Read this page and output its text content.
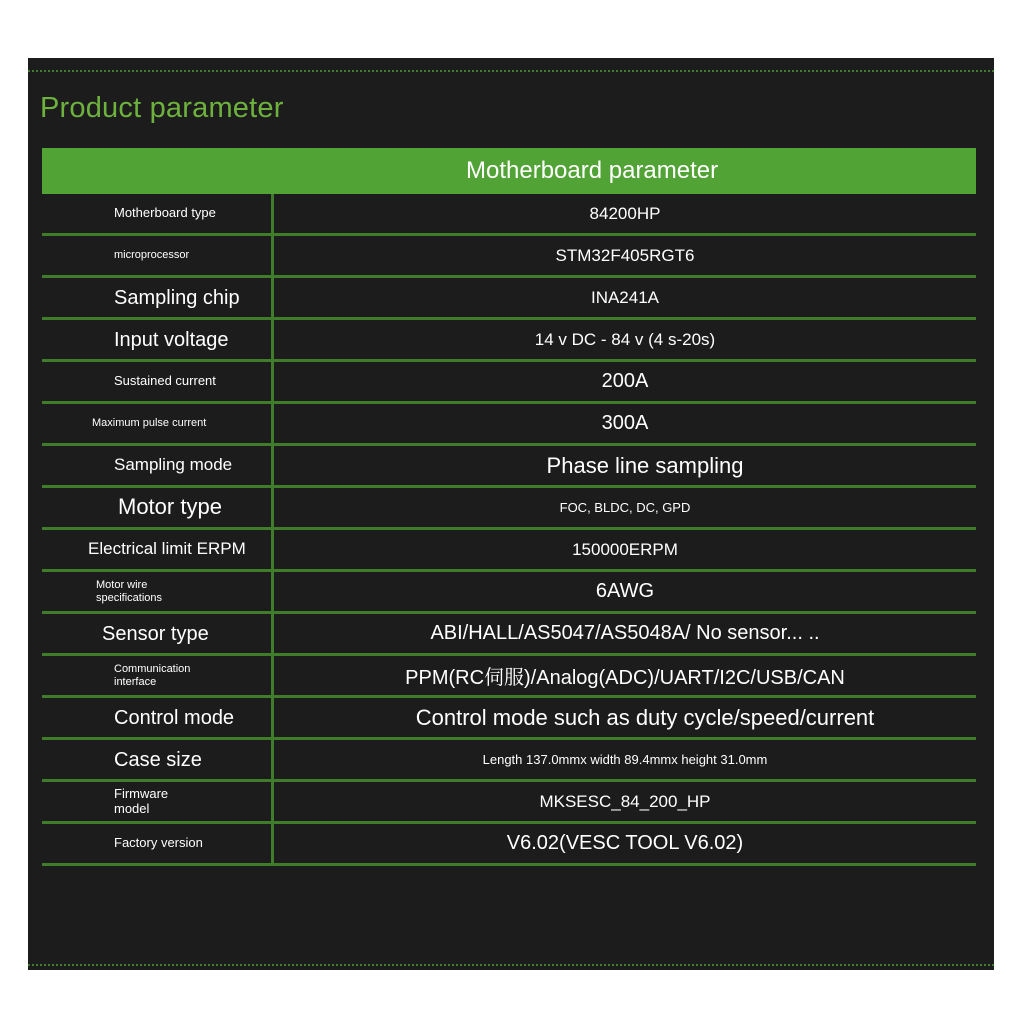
Product parameter
Motherboard parameter
Motherboard type	84200HP
microprocessor	STM32F405RGT6
Sampling chip	INA241A
Input voltage	14 v DC - 84 v (4 s-20s)
Sustained current	200A
Maximum pulse current	300A
Sampling mode	Phase line sampling
Motor type	FOC, BLDC, DC, GPD
Electrical limit ERPM	150000ERPM
Motor wire specifications	6AWG
Sensor type	ABI/HALL/AS5047/AS5048A/ No sensor... ..
Communication interface	PPM(RC伺服)/Analog(ADC)/UART/I2C/USB/CAN
Control mode	Control mode such as duty cycle/speed/current
Case size	Length 137.0mmx width 89.4mmx height 31.0mm
Firmware model	MKSESC_84_200_HP
Factory version	V6.02(VESC TOOL V6.02)
